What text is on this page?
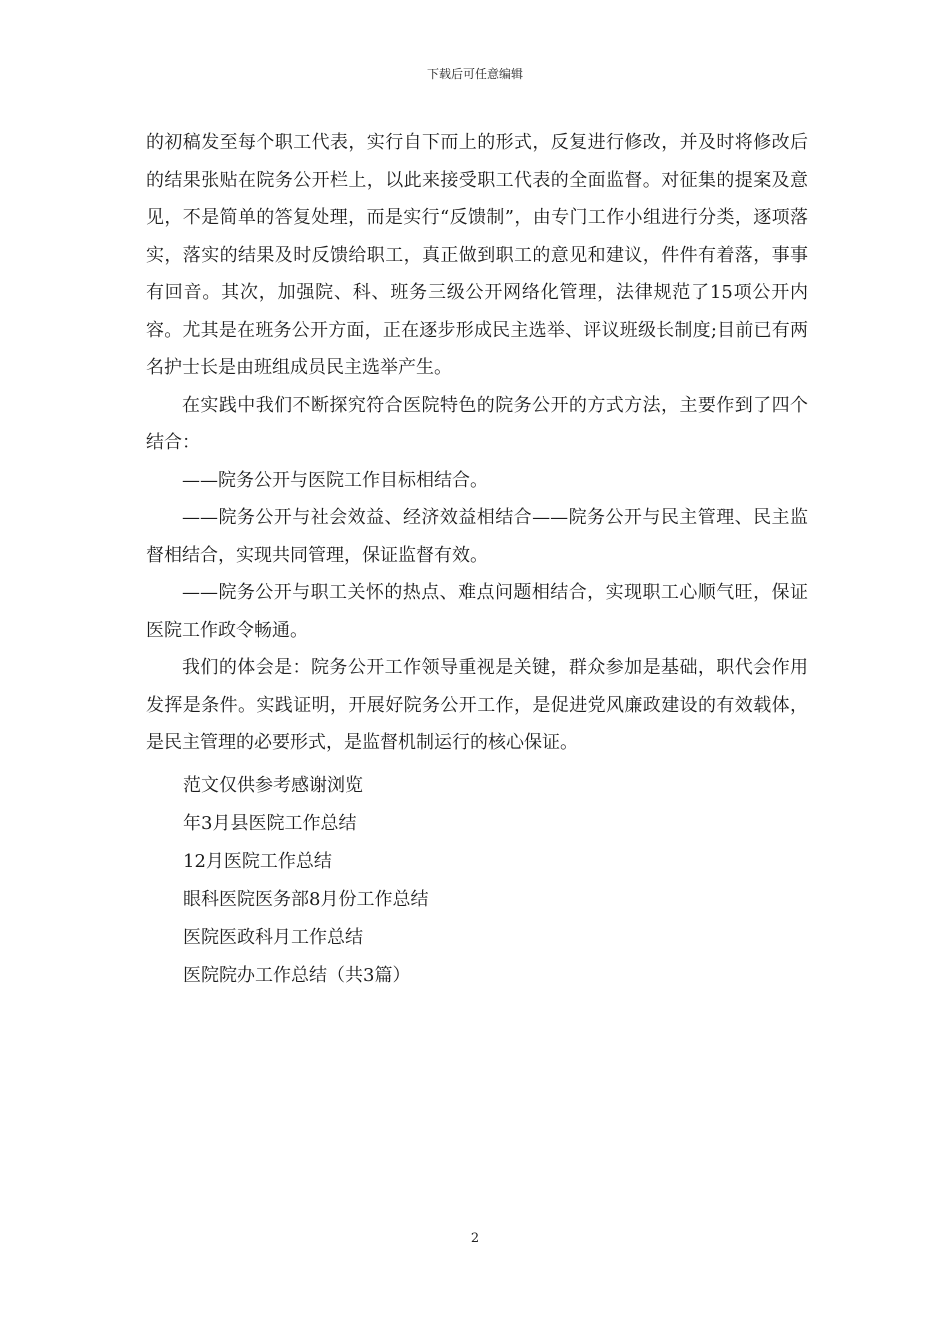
下载后可任意编辑

的初稿发至每个职工代表，实行自下而上的形式，反复进行修改，并及时将修改后的结果张贴在院务公开栏上，以此来接受职工代表的全面监督。对征集的提案及意见，不是简单的答复处理，而是实行“反馈制”，由专门工作小组进行分类，逐项落实，落实的结果及时反馈给职工，真正做到职工的意见和建议，件件有着落，事事有回音。其次，加强院、科、班务三级公开网络化管理，法律规范了15项公开内容。尤其是在班务公开方面，正在逐步形成民主选举、评议班级长制度;目前已有两名护士长是由班组成员民主选举产生。

在实践中我们不断探究符合医院特色的院务公开的方式方法，主要作到了四个结合：

——院务公开与医院工作目标相结合。

——院务公开与社会效益、经济效益相结合——院务公开与民主管理、民主监督相结合，实现共同管理，保证监督有效。

——院务公开与职工关怀的热点、难点问题相结合，实现职工心顺气旺，保证医院工作政令畅通。

我们的体会是：院务公开工作领导重视是关键，群众参加是基础，职代会作用发挥是条件。实践证明，开展好院务公开工作，是促进党风廉政建设的有效载体，是民主管理的必要形式，是监督机制运行的核心保证。

范文仅供参考感谢浏览
年3月县医院工作总结
12月医院工作总结
眼科医院医务部8月份工作总结
医院医政科月工作总结
医院院办工作总结（共3篇）
2
